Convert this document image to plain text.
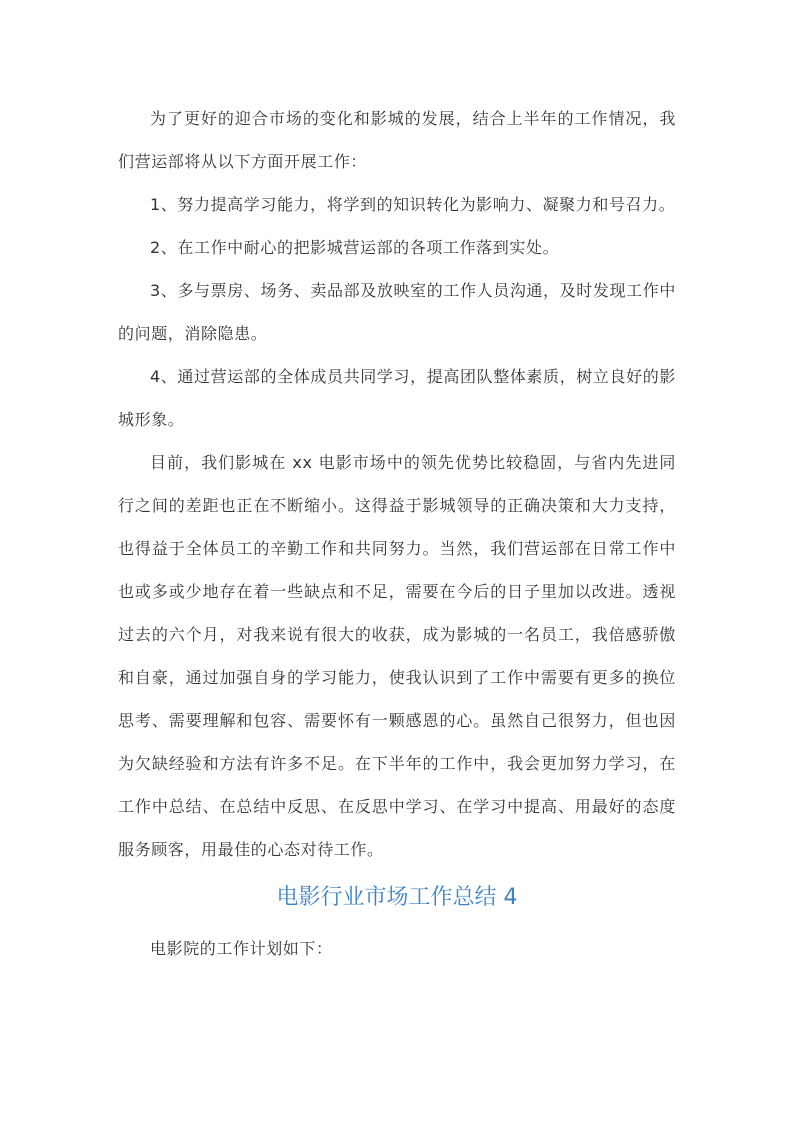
为了更好的迎合市场的变化和影城的发展，结合上半年的工作情况，我们营运部将从以下方面开展工作：

1、努力提高学习能力，将学到的知识转化为影响力、凝聚力和号召力。

2、在工作中耐心的把影城营运部的各项工作落到实处。

3、多与票房、场务、卖品部及放映室的工作人员沟通，及时发现工作中的问题，消除隐患。

4、通过营运部的全体成员共同学习，提高团队整体素质，树立良好的影城形象。

目前，我们影城在 xx 电影市场中的领先优势比较稳固，与省内先进同行之间的差距也正在不断缩小。这得益于影城领导的正确决策和大力支持，也得益于全体员工的辛勤工作和共同努力。当然，我们营运部在日常工作中也或多或少地存在着一些缺点和不足，需要在今后的日子里加以改进。透视过去的六个月，对我来说有很大的收获，成为影城的一名员工，我倍感骄傲和自豪，通过加强自身的学习能力，使我认识到了工作中需要有更多的换位思考、需要理解和包容、需要怀有一颗感恩的心。虽然自己很努力，但也因为欠缺经验和方法有许多不足。在下半年的工作中，我会更加努力学习，在工作中总结、在总结中反思、在反思中学习、在学习中提高、用最好的态度服务顾客，用最佳的心态对待工作。

电影行业市场工作总结 4

电影院的工作计划如下：
